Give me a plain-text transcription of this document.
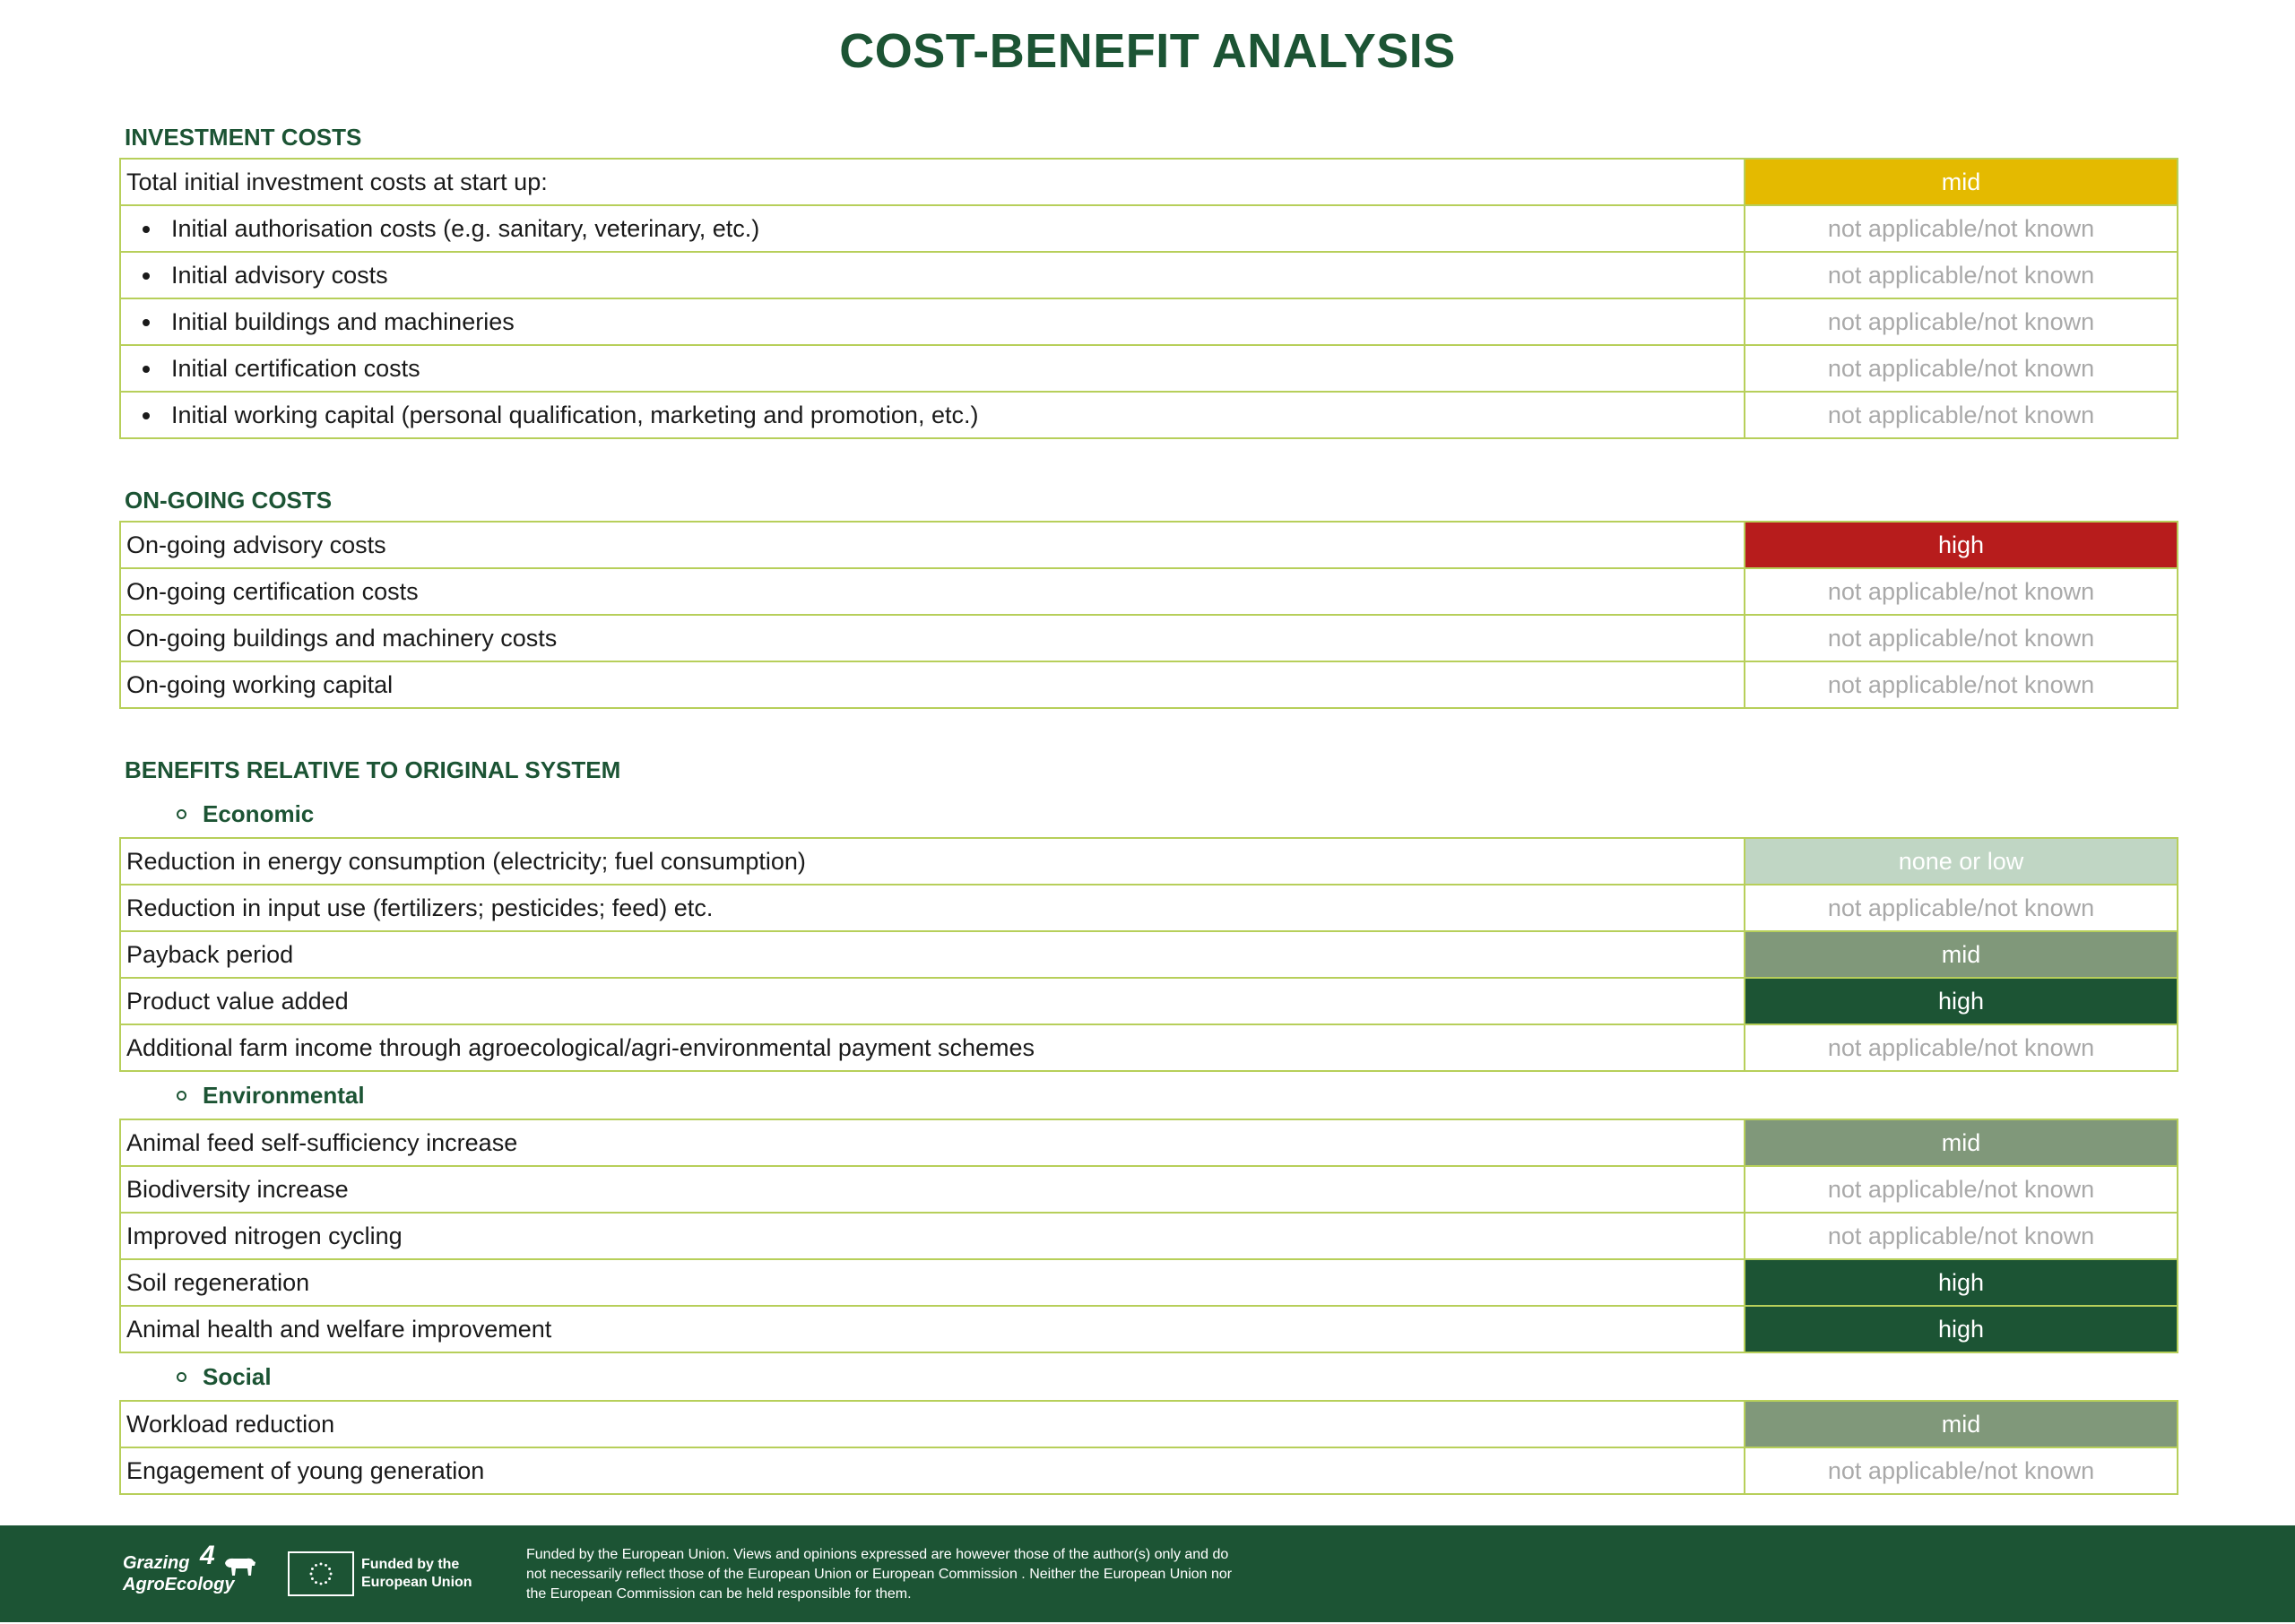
COST-BENEFIT ANALYSIS
INVESTMENT COSTS
Total initial investment costs at start up:	mid
Initial authorisation costs (e.g. sanitary, veterinary, etc.)	not applicable/not known
Initial advisory costs	not applicable/not known
Initial buildings and machineries	not applicable/not known
Initial certification costs	not applicable/not known
Initial working capital (personal qualification, marketing and promotion, etc.)	not applicable/not known
ON-GOING COSTS
On-going advisory costs	high
On-going certification costs	not applicable/not known
On-going buildings and machinery costs	not applicable/not known
On-going working capital	not applicable/not known
BENEFITS RELATIVE TO ORIGINAL SYSTEM
Economic
Reduction in energy consumption (electricity; fuel consumption)	none or low
Reduction in input use (fertilizers; pesticides; feed) etc.	not applicable/not known
Payback period	mid
Product value added	high
Additional farm income through agroecological/agri-environmental payment schemes	not applicable/not known
Environmental
Animal feed self-sufficiency increase	mid
Biodiversity increase	not applicable/not known
Improved nitrogen cycling	not applicable/not known
Soil regeneration	high
Animal health and welfare improvement	high
Social
Workload reduction	mid
Engagement of young generation	not applicable/not known
Grazing 4
AgroEcology
Funded by the European Union
Funded by the European Union. Views and opinions expressed are however those of the author(s) only and do not necessarily reflect those of the European Union or European Commission . Neither the European Union nor the European Commission can be held responsible for them.
